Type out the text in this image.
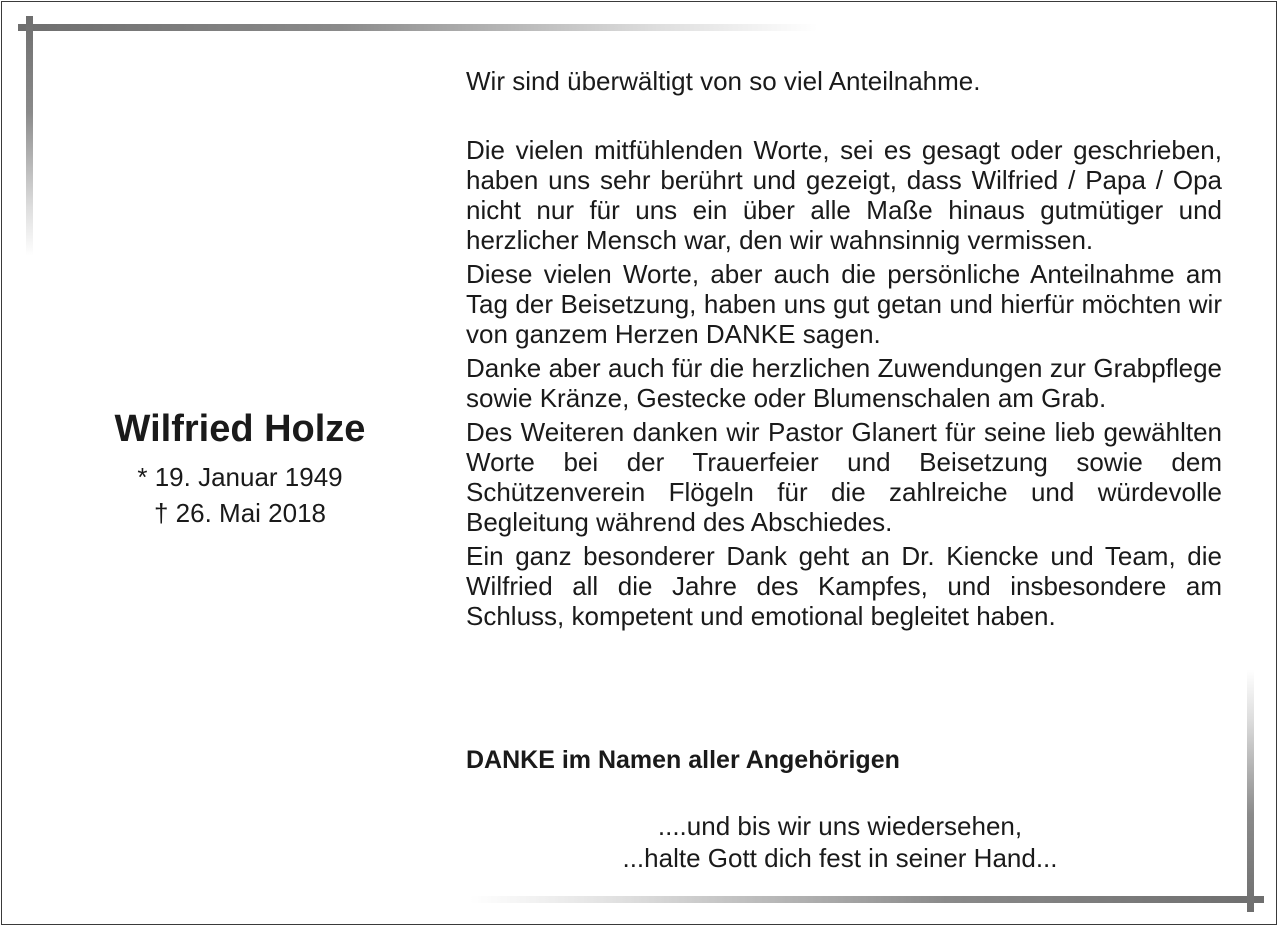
Wilfried Holze
* 19. Januar 1949
† 26. Mai 2018

Wir sind überwältigt von so viel Anteilnahme.

Die vielen mitfühlenden Worte, sei es gesagt oder geschrieben, haben uns sehr berührt und gezeigt, dass Wilfried / Papa / Opa nicht nur für uns ein über alle Maße hinaus gutmütiger und herzlicher Mensch war, den wir wahnsinnig vermissen.

Diese vielen Worte, aber auch die persönliche Anteilnahme am Tag der Beisetzung, haben uns gut getan und hierfür möchten wir von ganzem Herzen DANKE sagen.

Danke aber auch für die herzlichen Zuwendungen zur Grabpflege sowie Kränze, Gestecke oder Blumenschalen am Grab.

Des Weiteren danken wir Pastor Glanert für seine lieb gewählten Worte bei der Trauerfeier und Beisetzung sowie dem Schützenverein Flögeln für die zahlreiche und würdevolle Begleitung während des Abschiedes.

Ein ganz besonderer Dank geht an Dr. Kiencke und Team, die Wilfried all die Jahre des Kampfes, und insbesondere am Schluss, kompetent und emotional begleitet haben.

DANKE im Namen aller Angehörigen
....und bis wir uns wiedersehen,
...halte Gott dich fest in seiner Hand...
